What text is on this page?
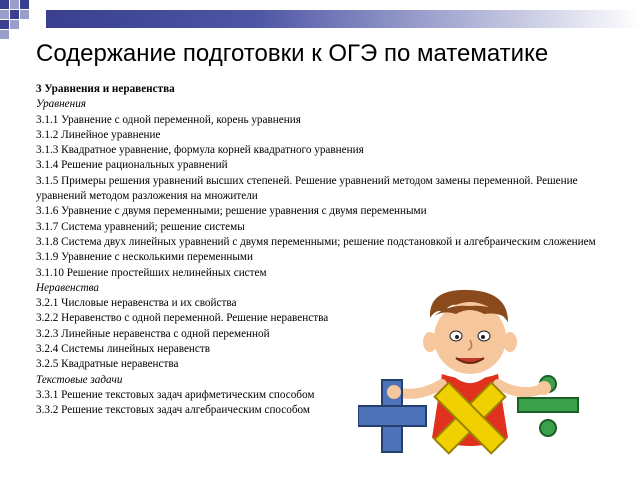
Содержание подготовки к ОГЭ по математике
3 Уравнения и неравенства
Уравнения
3.1.1 Уравнение с одной переменной, корень уравнения
3.1.2 Линейное уравнение
3.1.3 Квадратное уравнение, формула корней квадратного уравнения
3.1.4 Решение рациональных уравнений
3.1.5 Примеры решения уравнений высших степеней. Решение уравнений методом замены переменной. Решение уравнений методом разложения на множители
3.1.6 Уравнение с двумя переменными; решение уравнения с двумя переменными
3.1.7 Система уравнений; решение системы
3.1.8 Система двух линейных уравнений с двумя переменными; решение подстановкой и алгебраическим сложением
3.1.9 Уравнение с несколькими переменными
3.1.10 Решение простейших нелинейных систем
Неравенства
3.2.1 Числовые неравенства и их свойства
3.2.2 Неравенство с одной переменной. Решение неравенства
3.2.3 Линейные неравенства с одной переменной
3.2.4 Системы линейных неравенств
3.2.5 Квадратные неравенства
Текстовые задачи
3.3.1 Решение текстовых задач арифметическим способом
3.3.2 Решение текстовых задач алгебраическим способом
